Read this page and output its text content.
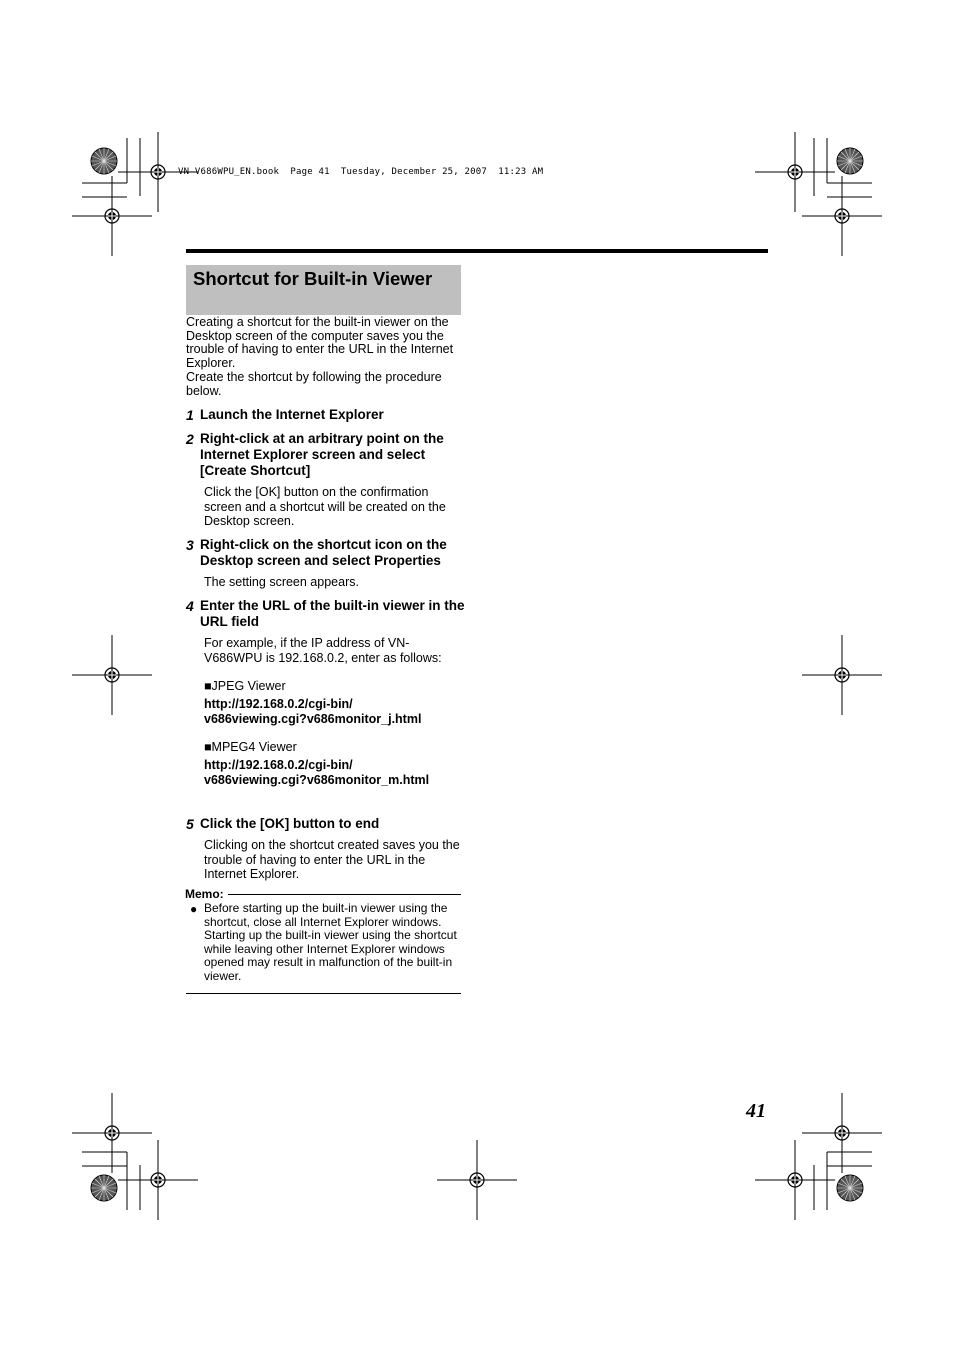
VN-V686WPU_EN.book  Page 41  Tuesday, December 25, 2007  11:23 AM
Shortcut for Built-in Viewer

Creating a shortcut for the built-in viewer on the Desktop screen of the computer saves you the trouble of having to enter the URL in the Internet Explorer.

Create the shortcut by following the procedure below.

1 Launch the Internet Explorer
2 Right-click at an arbitrary point on the Internet Explorer screen and select [Create Shortcut]

Click the [OK] button on the confirmation screen and a shortcut will be created on the Desktop screen.

3 Right-click on the shortcut icon on the Desktop screen and select Properties

The setting screen appears.

4 Enter the URL of the built-in viewer in the URL field

For example, if the IP address of VN-V686WPU is 192.168.0.2, enter as follows:

■JPEG Viewer

http://192.168.0.2/cgi-bin/

v686viewing.cgi?v686monitor_j.html

■MPEG4 Viewer

http://192.168.0.2/cgi-bin/

v686viewing.cgi?v686monitor_m.html

5 Click the [OK] button to end

Clicking on the shortcut created saves you the trouble of having to enter the URL in the Internet Explorer.

Memo:
● Before starting up the built-in viewer using the shortcut, close all Internet Explorer windows. Starting up the built-in viewer using the shortcut while leaving other Internet Explorer windows opened may result in malfunction of the built-in viewer.
41
